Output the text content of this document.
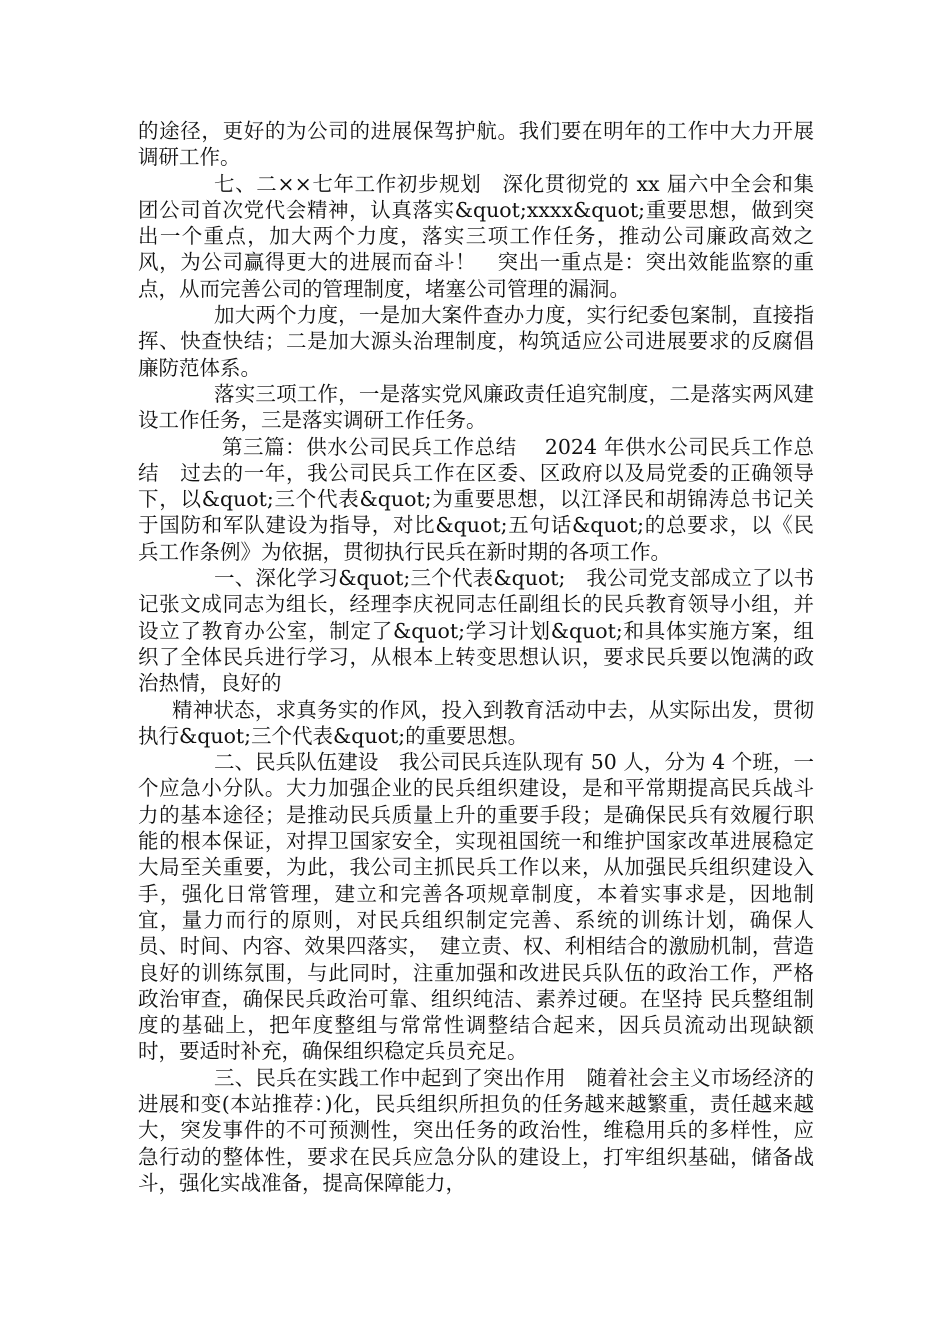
的途径，更好的为公司的进展保驾护航。我们要在明年的工作中大力开展调研工作。

七、二××七年工作初步规划　深化贯彻党的 xx 届六中全会和集团公司首次党代会精神，认真落实&quot;xxxx&quot;重要思想，做到突出一个重点，加大两个力度，落实三项工作任务，推动公司廉政高效之风，为公司赢得更大的进展而奋斗！　突出一重点是：突出效能监察的重点，从而完善公司的管理制度，堵塞公司管理的漏洞。

加大两个力度，一是加大案件查办力度，实行纪委包案制，直接指挥、快查快结；二是加大源头治理制度，构筑适应公司进展要求的反腐倡廉防范体系。

落实三项工作，一是落实党风廉政责任追究制度，二是落实两风建设工作任务，三是落实调研工作任务。

第三篇：供水公司民兵工作总结　 2024 年供水公司民兵工作总结　过去的一年，我公司民兵工作在区委、区政府以及局党委的正确领导下，以&quot;三个代表&quot;为重要思想，以江泽民和胡锦涛总书记关于国防和军队建设为指导，对比&quot;五句话&quot;的总要求，以《民兵工作条例》为依据，贯彻执行民兵在新时期的各项工作。

一、深化学习&quot;三个代表&quot;　我公司党支部成立了以书记张文成同志为组长，经理李庆祝同志任副组长的民兵教育领导小组，并设立了教育办公室，制定了&quot;学习计划&quot;和具体实施方案，组织了全体民兵进行学习，从根本上转变思想认识，要求民兵要以饱满的政治热情，良好的

精神状态，求真务实的作风，投入到教育活动中去，从实际出发，贯彻执行&quot;三个代表&quot;的重要思想。

二、民兵队伍建设　我公司民兵连队现有 50 人，分为 4 个班，一个应急小分队。大力加强企业的民兵组织建设，是和平常期提高民兵战斗力的基本途径；是推动民兵质量上升的重要手段；是确保民兵有效履行职能的根本保证，对捍卫国家安全，实现祖国统一和维护国家改革进展稳定大局至关重要，为此，我公司主抓民兵工作以来，从加强民兵组织建设入手，强化日常管理，建立和完善各项规章制度，本着实事求是，因地制宜，量力而行的原则，对民兵组织制定完善、系统的训练计划，确保人员、时间、内容、效果四落实，　建立责、权、利相结合的激励机制，营造良好的训练氛围，与此同时，注重加强和改进民兵队伍的政治工作，严格政治审查，确保民兵政治可靠、组织纯洁、素养过硬。在坚持 民兵整组制度的基础上，把年度整组与常常性调整结合起来，因兵员流动出现缺额时，要适时补充，确保组织稳定兵员充足。

三、民兵在实践工作中起到了突出作用　随着社会主义市场经济的进展和变(本站推荐：)化，民兵组织所担负的任务越来越繁重，责任越来越大，突发事件的不可预测性，突出任务的政治性，维稳用兵的多样性，应急行动的整体性，要求在民兵应急分队的建设上，打牢组织基础，储备战斗，强化实战准备，提高保障能力，
